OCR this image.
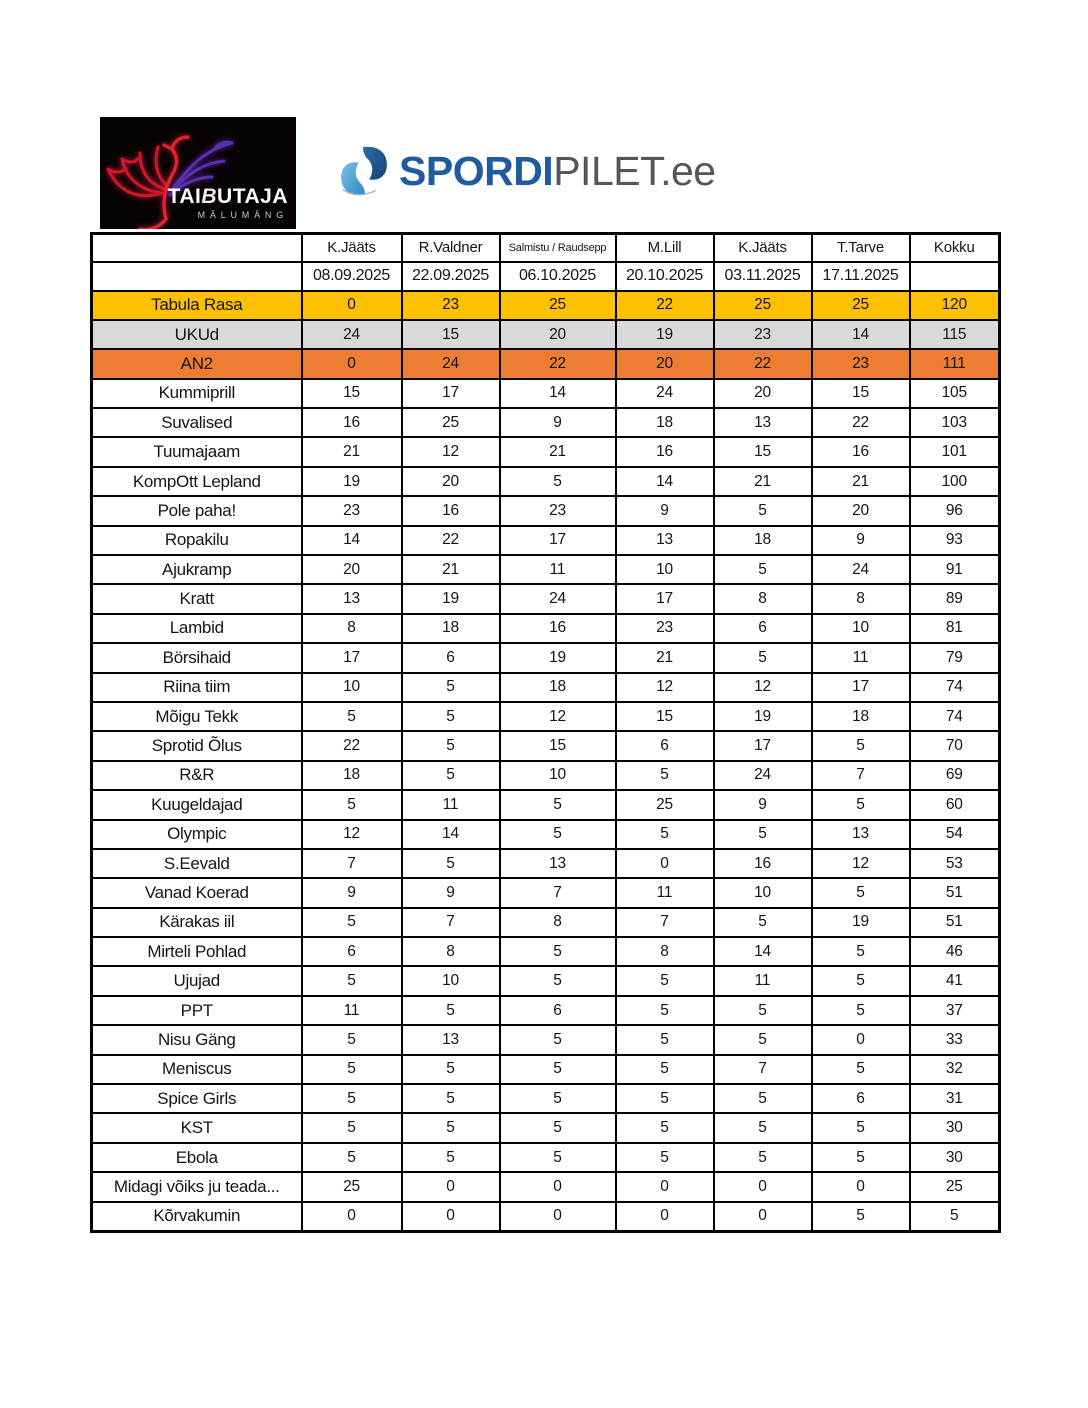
TAIBUTAJA
MÄLUMÄNG
SPORDIPILET.ee
	K.Jääts	R.Valdner	Salmistu / Raudsepp	M.Lill	K.Jääts	T.Tarve	Kokku
	08.09.2025	22.09.2025	06.10.2025	20.10.2025	03.11.2025	17.11.2025	
Tabula Rasa	0	23	25	22	25	25	120
UKUd	24	15	20	19	23	14	115
AN2	0	24	22	20	22	23	111
Kummiprill	15	17	14	24	20	15	105
Suvalised	16	25	9	18	13	22	103
Tuumajaam	21	12	21	16	15	16	101
KompOtt Lepland	19	20	5	14	21	21	100
Pole paha!	23	16	23	9	5	20	96
Ropakilu	14	22	17	13	18	9	93
Ajukramp	20	21	11	10	5	24	91
Kratt	13	19	24	17	8	8	89
Lambid	8	18	16	23	6	10	81
Börsihaid	17	6	19	21	5	11	79
Riina tiim	10	5	18	12	12	17	74
Mõigu Tekk	5	5	12	15	19	18	74
Sprotid Õlus	22	5	15	6	17	5	70
R&R	18	5	10	5	24	7	69
Kuugeldajad	5	11	5	25	9	5	60
Olympic	12	14	5	5	5	13	54
S.Eevald	7	5	13	0	16	12	53
Vanad Koerad	9	9	7	11	10	5	51
Kärakas iil	5	7	8	7	5	19	51
Mirteli Pohlad	6	8	5	8	14	5	46
Ujujad	5	10	5	5	11	5	41
PPT	11	5	6	5	5	5	37
Nisu Gäng	5	13	5	5	5	0	33
Meniscus	5	5	5	5	7	5	32
Spice Girls	5	5	5	5	5	6	31
KST	5	5	5	5	5	5	30
Ebola	5	5	5	5	5	5	30
Midagi võiks ju teada...	25	0	0	0	0	0	25
Kõrvakumin	0	0	0	0	0	5	5
